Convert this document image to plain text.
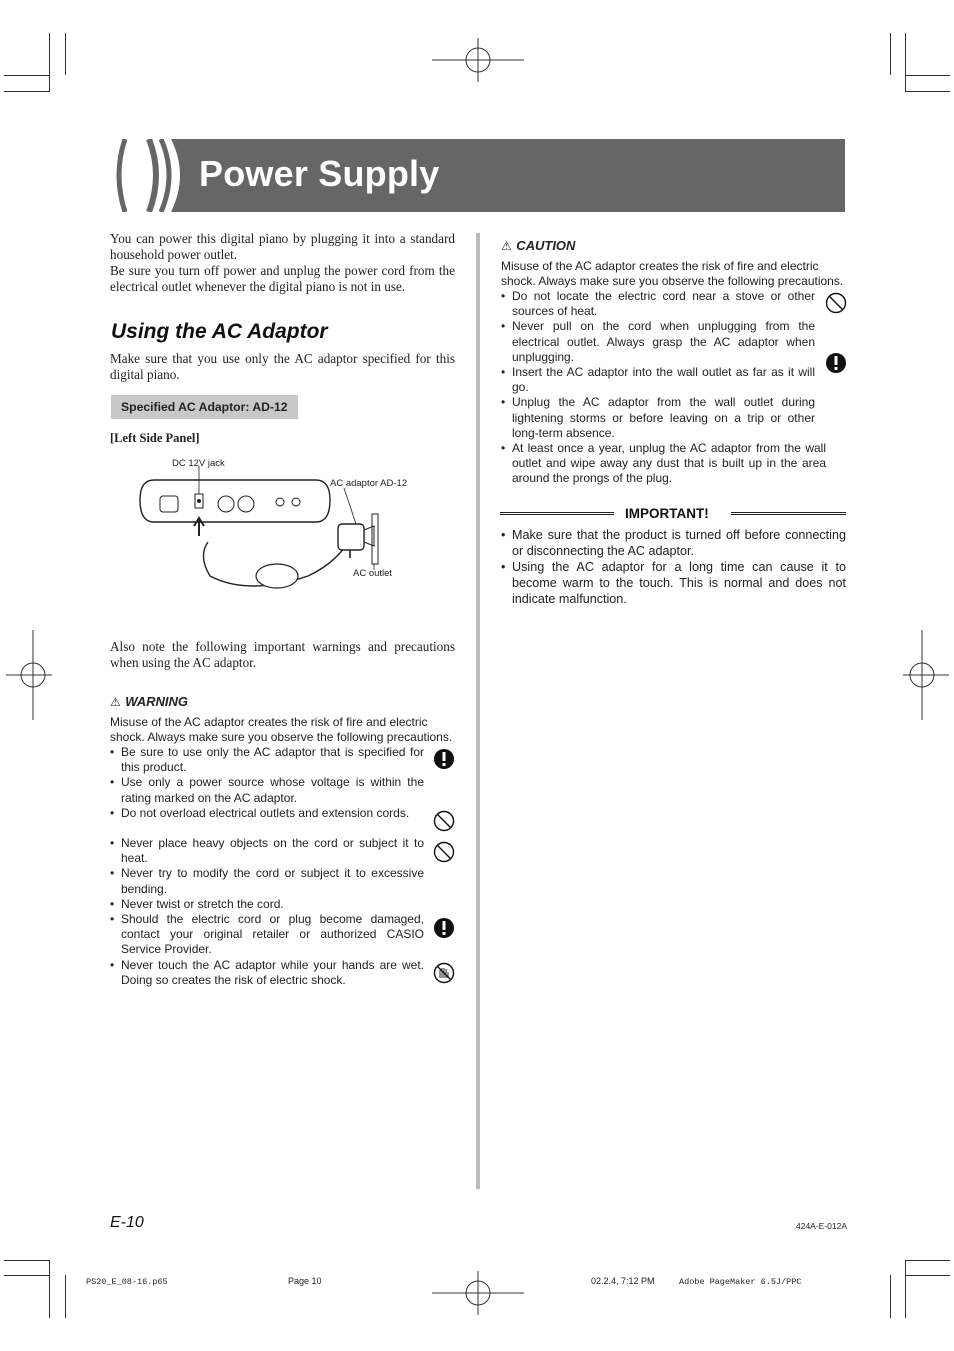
Power Supply

You can power this digital piano by plugging it into a standard household power outlet.

Be sure you turn off power and unplug the power cord from the electrical outlet whenever the digital piano is not in use.

Using the AC Adaptor

Make sure that you use only the AC adaptor specified for this digital piano.

Specified AC Adaptor: AD-12
[Left Side Panel]
DC 12V jack
AC adaptor AD-12
AC outlet

Also note the following important warnings and precautions when using the AC adaptor.

⚠ WARNING
Misuse of the AC adaptor creates the risk of fire and electric shock. Always make sure you observe the following precautions.
• Be sure to use only the AC adaptor that is specified for this product.
• Use only a power source whose voltage is within the rating marked on the AC adaptor.
• Do not overload electrical outlets and extension cords.
• Never place heavy objects on the cord or subject it to heat.
• Never try to modify the cord or subject it to excessive bending.
• Never twist or stretch the cord.
• Should the electric cord or plug become damaged, contact your original retailer or authorized CASIO Service Provider.
• Never touch the AC adaptor while your hands are wet. Doing so creates the risk of electric shock.
⚠ CAUTION
Misuse of the AC adaptor creates the risk of fire and electric shock. Always make sure you observe the following precautions.
• Do not locate the electric cord near a stove or other sources of heat.
• Never pull on the cord when unplugging from the electrical outlet. Always grasp the AC adaptor when unplugging.
• Insert the AC adaptor into the wall outlet as far as it will go.
• Unplug the AC adaptor from the wall outlet during lightening storms or before leaving on a trip or other long-term absence.
• At least once a year, unplug the AC adaptor from the wall outlet and wipe away any dust that is built up in the area around the prongs of the plug.
IMPORTANT!
• Make sure that the product is turned off before connecting or disconnecting the AC adaptor.
• Using the AC adaptor for a long time can cause it to become warm to the touch. This is normal and does not indicate malfunction.
E-10	424A-E-012A
PS20_E_08-16.p65	Page 10	02.2.4, 7:12 PM	Adobe PageMaker 6.5J/PPC
